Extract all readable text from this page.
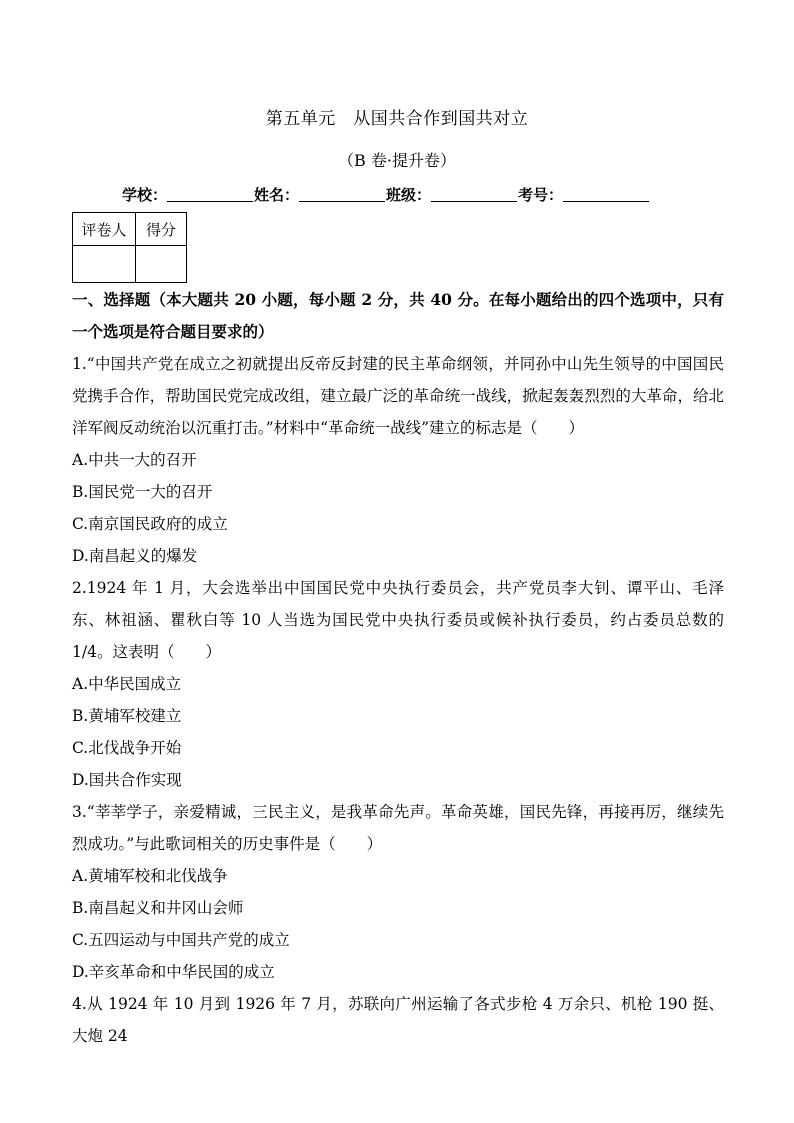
第五单元　从国共合作到国共对立
（B 卷·提升卷）
学校：	姓名：	班级：	考号：
评卷人	得分

一、选择题（本大题共 20 小题，每小题 2 分，共 40 分。在每小题给出的四个选项中，只有一个选项是符合题目要求的）

1.“中国共产党在成立之初就提出反帝反封建的民主革命纲领，并同孙中山先生领导的中国国民党携手合作，帮助国民党完成改组，建立最广泛的革命统一战线，掀起轰轰烈烈的大革命，给北洋军阀反动统治以沉重打击。”材料中“革命统一战线”建立的标志是（　　）

A.中共一大的召开

B.国民党一大的召开

C.南京国民政府的成立

D.南昌起义的爆发

2.1924 年 1 月，大会选举出中国国民党中央执行委员会，共产党员李大钊、谭平山、毛泽东、林祖涵、瞿秋白等 10 人当选为国民党中央执行委员或候补执行委员，约占委员总数的 1/4。这表明（　　）

A.中华民国成立

B.黄埔军校建立

C.北伐战争开始

D.国共合作实现

3.“莘莘学子，亲爱精诚，三民主义，是我革命先声。革命英雄，国民先锋，再接再厉，继续先烈成功。”与此歌词相关的历史事件是（　　）

A.黄埔军校和北伐战争

B.南昌起义和井冈山会师

C.五四运动与中国共产党的成立

D.辛亥革命和中华民国的成立

4.从 1924 年 10 月到 1926 年 7 月，苏联向广州运输了各式步枪 4 万余只、机枪 190 挺、大炮 24
